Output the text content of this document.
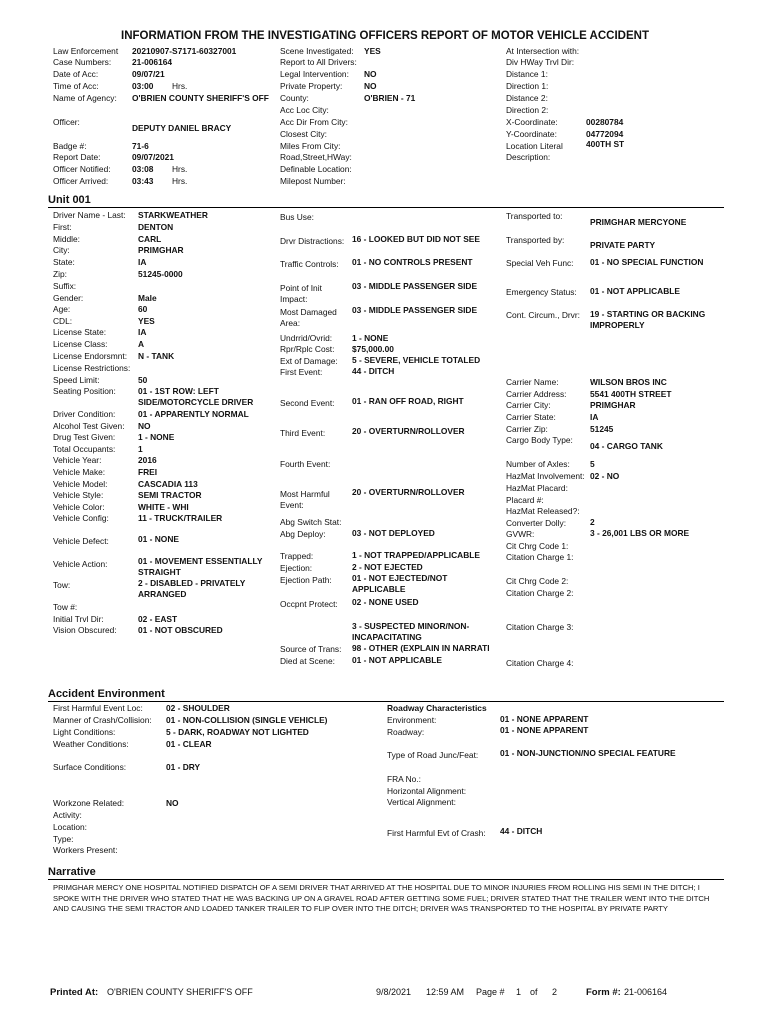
INFORMATION FROM THE INVESTIGATING OFFICERS REPORT OF MOTOR VEHICLE ACCIDENT
Law Enforcement 20210907-S7171-60327001
Case Numbers: 21-006164
Date of Acc:	09/07/21
Time of Acc:	03:00 Hrs.
Name of Agency: O'BRIEN COUNTY SHERIFF'S OFF
Officer:
DEPUTY DANIEL BRACY
Badge #:	71-6
Report Date:	09/07/2021
Officer Notified:	03:08 Hrs.
Officer Arrived:	03:43 Hrs.
Scene Investigated: YES
Report to All Drivers:
Legal Intervention: NO
Private Property:	NO
County:	O'BRIEN - 71
Acc Loc City:
Acc Dir From City:
Closest City:
Miles From City:
Road,Street,HWay:
Definable Location:
Milepost Number:
At Intersection with:
Div HWay Trvl Dir:
Distance 1:
Direction 1:
Distance 2:
Direction 2:
X-Coordinate:	00280784
Y-Coordinate:	04772094
Location Literal	400TH ST
Description:
Unit 001
Driver Name - Last: STARKWEATHER
First:	DENTON
Middle:	CARL
City:	PRIMGHAR
State:	IA
Zip:	51245-0000
Suffix:
Gender:	Male
Age:	60
CDL:	YES
License State:	IA
License Class:	A
License Endorsmnt: N - TANK
License Restrictions:
Speed Limit:	50
Seating Position:	01 - 1ST ROW: LEFT SIDE/MOTORCYCLE DRIVER
Driver Condition:	01 - APPARENTLY NORMAL
Alcohol Test Given: NO
Drug Test Given:	1 - NONE
Total Occupants:	1
Vehicle Year:	2016
Vehicle Make:	FREI
Vehicle Model:	CASCADIA 113
Vehicle Style:	SEMI TRACTOR
Vehicle Color:	WHITE - WHI
Vehicle Config:	11 - TRUCK/TRAILER
Vehicle Defect:	01 - NONE
Vehicle Action:	01 - MOVEMENT ESSENTIALLY STRAIGHT
Tow:	2 - DISABLED - PRIVATELY ARRANGED
Tow #:
Initial Trvl Dir:	02 - EAST
Vision Obscured:	01 - NOT OBSCURED
Bus Use:
Drvr Distractions: 16 - LOOKED BUT DID NOT SEE
Traffic Controls: 01 - NO CONTROLS PRESENT
Point of Init Impact:
03 - MIDDLE PASSENGER SIDE
Most Damaged Area:
03 - MIDDLE PASSENGER SIDE
Undrrid/Ovrid: 1 - NONE
Rpr/Rplc Cost: $75,000.00
Ext of Damage: 5 - SEVERE, VEHICLE TOTALED
First Event:	44 - DITCH
Second Event: 01 - RAN OFF ROAD, RIGHT
Third Event:	20 - OVERTURN/ROLLOVER
Fourth Event:
Most Harmful Event:
20 - OVERTURN/ROLLOVER
Abg Switch Stat:
Abg Deploy:	03 - NOT DEPLOYED
Trapped:	1 - NOT TRAPPED/APPLICABLE
Ejection:	2 - NOT EJECTED
Ejection Path: 01 - NOT EJECTED/NOT APPLICABLE
Occpnt Protect: 02 - NONE USED
3 - SUSPECTED MINOR/NON-INCAPACITATING
Source of Trans: 98 - OTHER (EXPLAIN IN NARRATI
Died at Scene: 01 - NOT APPLICABLE
Transported to:
PRIMGHAR MERCYONE
Transported by:	PRIVATE PARTY
Special Veh Func: 01 - NO SPECIAL FUNCTION
Emergency Status: 01 - NOT APPLICABLE
Cont. Circum., Drvr: 19 - STARTING OR BACKING IMPROPERLY
Carrier Name:	WILSON BROS INC
Carrier Address:	5541 400TH STREET
Carrier City:	PRIMGHAR
Carrier State:	IA
Carrier Zip:	51245
Cargo Body Type:
04 - CARGO TANK
Number of Axles: 5
HazMat Involvement: 02 - NO
HazMat Placard:
Placard #:
HazMat Released?:
Converter Dolly:	2
GVWR:	3 - 26,001 LBS OR MORE
Cit Chrg Code 1:
Citation Charge 1:
Cit Chrg Code 2:
Citation Charge 2:
Citation Charge 3:
Citation Charge 4:
Accident Environment
First Harmful Event Loc:	02 - SHOULDER
Manner of Crash/Collision: 01 - NON-COLLISION (SINGLE VEHICLE)
Light Conditions:	5 - DARK, ROADWAY NOT LIGHTED
Weather Conditions:	01 - CLEAR
Surface Conditions:	01 - DRY
Workzone Related:	NO
Activity:
Location:
Type:
Workers Present:
Roadway Characteristics
Environment:	01 - NONE APPARENT
Roadway:	01 - NONE APPARENT
Type of Road Junc/Feat:	01 - NON-JUNCTION/NO SPECIAL FEATURE
FRA No.:
Horizontal Alignment:
Vertical Alignment:
First Harmful Evt of Crash: 44 - DITCH
Narrative
PRIMGHAR MERCY ONE HOSPITAL NOTIFIED DISPATCH OF A SEMI DRIVER THAT ARRIVED AT THE HOSPITAL DUE TO MINOR INJURIES FROM ROLLING HIS SEMI IN THE DITCH; I SPOKE WITH THE DRIVER WHO STATED THAT HE WAS BACKING UP ON A GRAVEL ROAD AFTER GETTING SOME FUEL; DRIVER STATED THAT THE TRAILER WENT INTO THE DITCH AND CAUSING THE SEMI TRACTOR AND LOADED TANKER TRAILER TO FLIP OVER INTO THE DITCH; DRIVER WAS TRANSPORTED TO THE HOSPITAL BY PRIVATE PARTY
Printed At: O'BRIEN COUNTY SHERIFF'S OFF	9/8/2021 12:59 AM Page # 1 of 2	Form #: 21-006164
